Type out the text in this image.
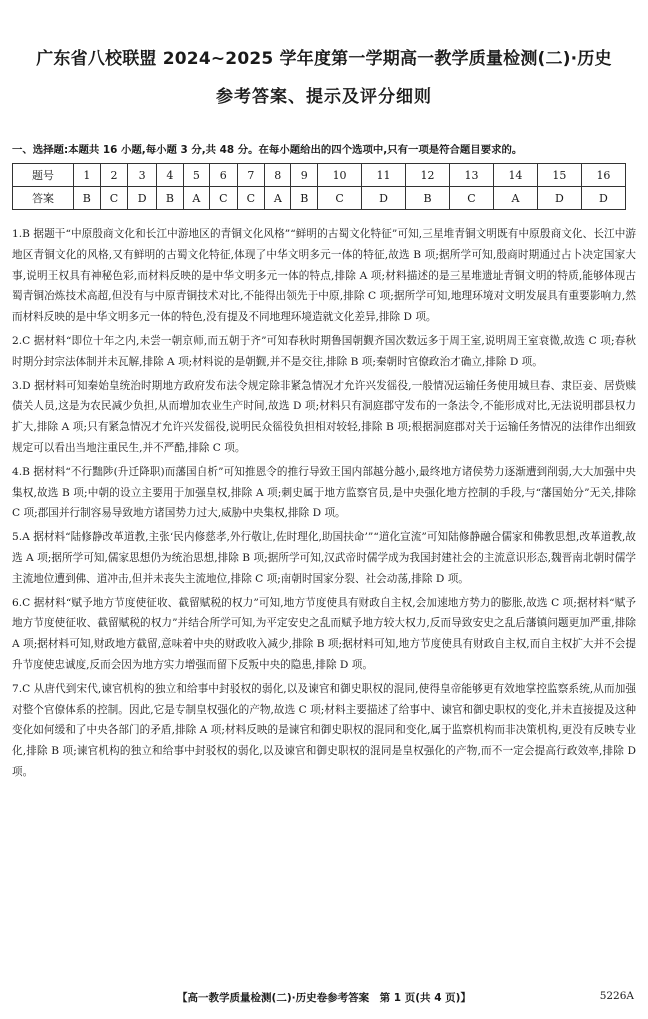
广东省八校联盟 2024~2025 学年度第一学期高一教学质量检测(二)·历史
参考答案、提示及评分细则
一、选择题:本题共 16 小题,每小题 3 分,共 48 分。在每小题给出的四个选项中,只有一项是符合题目要求的。
题号	1	2	3	4	5	6	7	8	9	10	11	12	13	14	15	16
答案	B	C	D	B	A	C	C	A	B	C	D	B	C	A	D	D
1.B 据题干“中原殷商文化和长江中游地区的青铜文化风格”“鲜明的古蜀文化特征”可知,三星堆青铜文明既有中原殷商文化、长江中游地区青铜文化的风格,又有鲜明的古蜀文化特征,体现了中华文明多元一体的特征,故选 B 项;据所学可知,殷商时期通过占卜决定国家大事,说明王权具有神秘色彩,而材料反映的是中华文明多元一体的特点,排除 A 项;材料描述的是三星堆遗址青铜文明的特质,能够体现古蜀青铜冶炼技术高超,但没有与中原青铜技术对比,不能得出领先于中原,排除 C 项;据所学可知,地理环境对文明发展具有重要影响力,然而材料反映的是中华文明多元一体的特色,没有提及不同地理环境造就文化差异,排除 D 项。
2.C 据材料“即位十年之内,未尝一朝京师,而五朝于齐”可知春秋时期鲁国朝觐齐国次数远多于周王室,说明周王室衰微,故选 C 项;春秋时期分封宗法体制并未瓦解,排除 A 项;材料说的是朝觐,并不是交往,排除 B 项;秦朝时官僚政治才确立,排除 D 项。
3.D 据材料可知秦始皇统治时期地方政府发布法令规定除非紧急情况才允许兴发徭役,一般情况运输任务使用城旦春、隶臣妾、居赀赎债关人员,这是为农民减少负担,从而增加农业生产时间,故选 D 项;材料只有洞庭郡守发布的一条法令,不能形成对比,无法说明郡县权力扩大,排除 A 项;只有紧急情况才允许兴发徭役,说明民众徭役负担相对较轻,排除 B 项;根据洞庭郡对关于运输任务情况的法律作出细致规定可以看出当地注重民生,并不严酷,排除 C 项。
4.B 据材料“不行黜陟(升迁降职)而藩国自析”可知推恩令的推行导致王国内部越分越小,最终地方诸侯势力逐渐遭到削弱,大大加强中央集权,故选 B 项;中朝的设立主要用于加强皇权,排除 A 项;刺史属于地方监察官员,是中央强化地方控制的手段,与“藩国始分”无关,排除 C 项;郡国并行制容易导致地方诸国势力过大,威胁中央集权,排除 D 项。
5.A 据材料“陆修静改革道教,主张‘民内修慈孝,外行敬让,佐时理化,助国扶命’”“道化宣流”可知陆修静融合儒家和佛教思想,改革道教,故选 A 项;据所学可知,儒家思想仍为统治思想,排除 B 项;据所学可知,汉武帝时儒学成为我国封建社会的主流意识形态,魏晋南北朝时儒学主流地位遭到佛、道冲击,但并未丧失主流地位,排除 C 项;南朝时国家分裂、社会动荡,排除 D 项。
6.C 据材料“赋予地方节度使征收、截留赋税的权力”可知,地方节度使具有财政自主权,会加速地方势力的膨胀,故选 C 项;据材料“赋予地方节度使征收、截留赋税的权力”并结合所学可知,为平定安史之乱而赋予地方较大权力,反而导致安史之乱后藩镇问题更加严重,排除 A 项;据材料可知,财政地方截留,意味着中央的财政收入减少,排除 B 项;据材料可知,地方节度使具有财政自主权,而自主权扩大并不会提升节度使忠诚度,反而会因为地方实力增强而留下反叛中央的隐患,排除 D 项。
7.C 从唐代到宋代,谏官机构的独立和给事中封驳权的弱化,以及谏官和御史职权的混同,使得皇帝能够更有效地掌控监察系统,从而加强对整个官僚体系的控制。因此,它是专制皇权强化的产物,故选 C 项;材料主要描述了给事中、谏官和御史职权的变化,并未直接提及这种变化如何缓和了中央各部门的矛盾,排除 A 项;材料反映的是谏官和御史职权的混同和变化,属于监察机构而非决策机构,更没有反映专业化,排除 B 项;谏官机构的独立和给事中封驳权的弱化,以及谏官和御史职权的混同是皇权强化的产物,而不一定会提高行政效率,排除 D 项。
【高一教学质量检测(二)·历史卷参考答案　第 1 页(共 4 页)】	5226A
